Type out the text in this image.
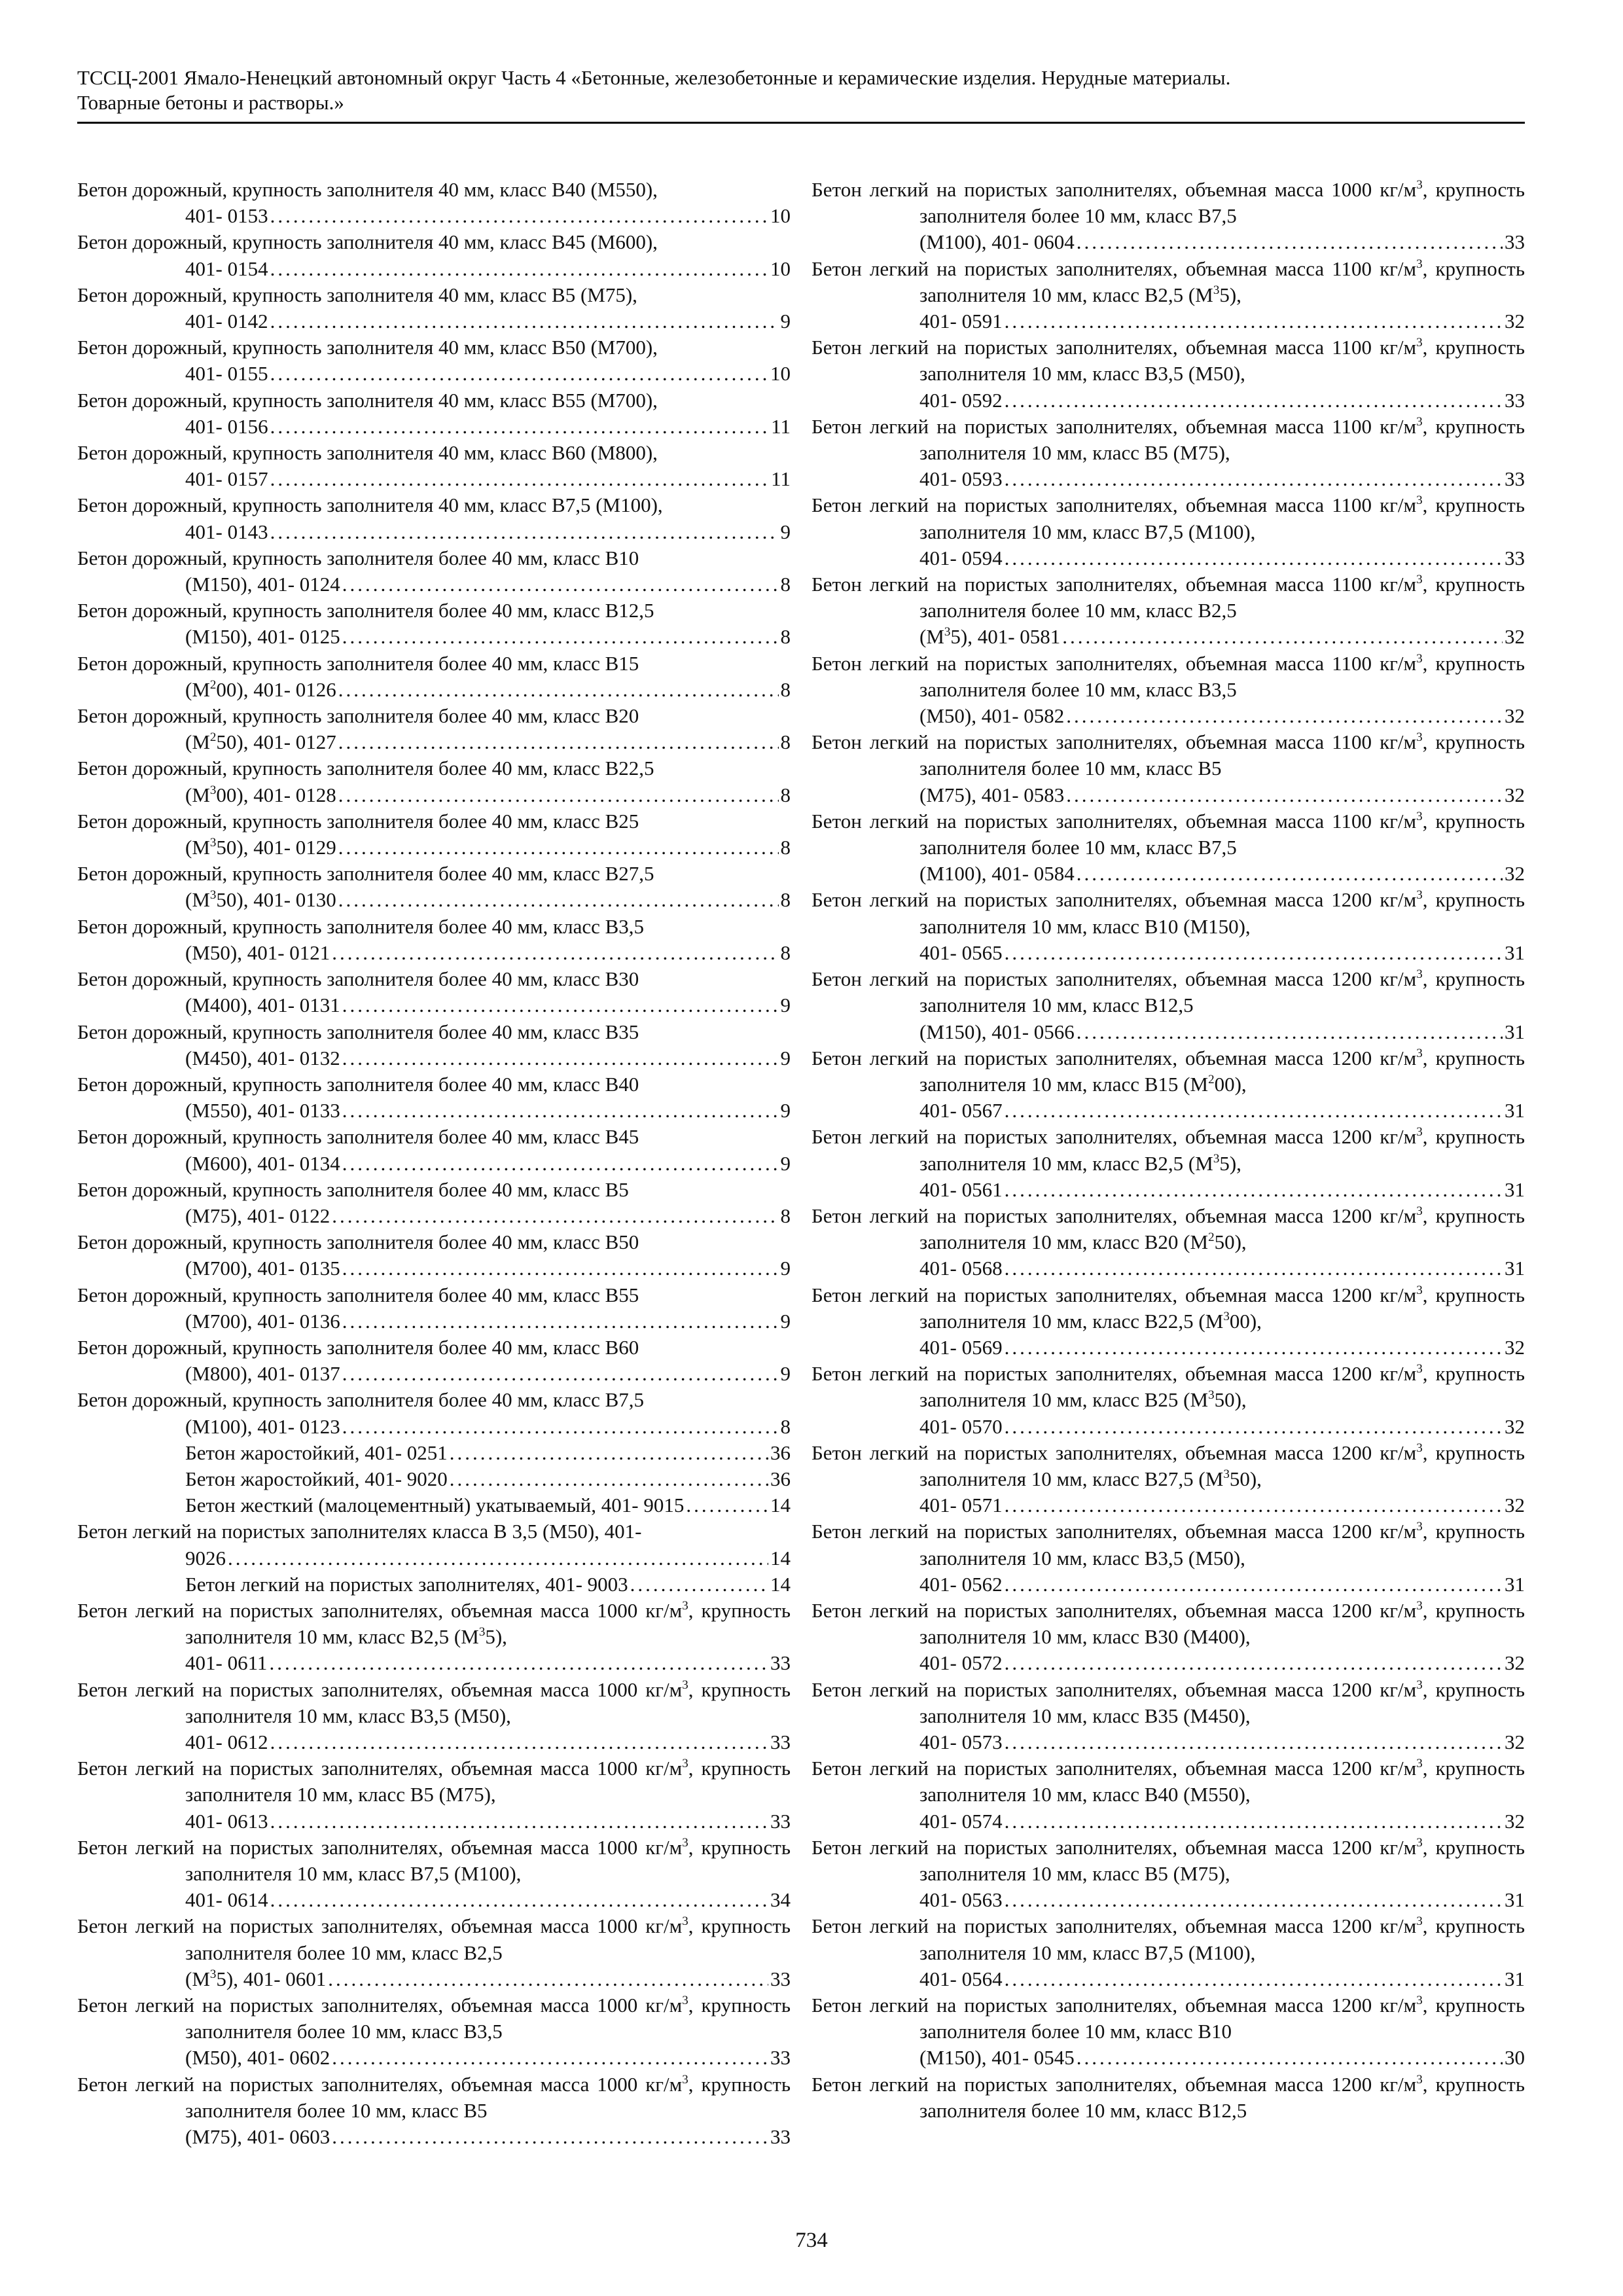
ТССЦ-2001 Ямало-Ненецкий автономный округ Часть 4 «Бетонные, железобетонные и керамические изделия. Нерудные материалы.
Товарные бетоны и растворы.»
Бетон дорожный, крупность заполнителя 40 мм, класс В40 (М550),
401- 0153 .....	10
Бетон дорожный, крупность заполнителя 40 мм, класс В45 (М600),
401- 0154 .....	10
Бетон дорожный, крупность заполнителя 40 мм, класс В5 (М75),
401- 0142 .....	9
Бетон дорожный, крупность заполнителя 40 мм, класс В50 (М700),
401- 0155 .....	10
Бетон дорожный, крупность заполнителя 40 мм, класс В55 (М700),
401- 0156 .....	11
Бетон дорожный, крупность заполнителя 40 мм, класс В60 (М800),
401- 0157 .....	11
Бетон дорожный, крупность заполнителя 40 мм, класс В7,5 (М100),
401- 0143 .....	9
Бетон дорожный, крупность заполнителя более 40 мм, класс В10
(М150), 401- 0124 .....	8
Бетон дорожный, крупность заполнителя более 40 мм, класс В12,5
(М150), 401- 0125 .....	8
Бетон дорожный, крупность заполнителя более 40 мм, класс В15
$(М^200)$, 401- 0126 .....	8
Бетон дорожный, крупность заполнителя более 40 мм, класс В20
$(М^250)$, 401- 0127 .....	8
Бетон дорожный, крупность заполнителя более 40 мм, класс В22,5
$(М^300)$, 401- 0128 .....	8
Бетон дорожный, крупность заполнителя более 40 мм, класс В25
$(М^350)$, 401- 0129 .....	8
Бетон дорожный, крупность заполнителя более 40 мм, класс В27,5
$(М^350)$, 401- 0130 .....	8
Бетон дорожный, крупность заполнителя более 40 мм, класс В3,5
(М50), 401- 0121 .....	8
Бетон дорожный, крупность заполнителя более 40 мм, класс В30
(М400), 401- 0131 .....	9
Бетон дорожный, крупность заполнителя более 40 мм, класс В35
(М450), 401- 0132 .....	9
Бетон дорожный, крупность заполнителя более 40 мм, класс В40
(М550), 401- 0133 .....	9
Бетон дорожный, крупность заполнителя более 40 мм, класс В45
(М600), 401- 0134 .....	9
Бетон дорожный, крупность заполнителя более 40 мм, класс В5
(М75), 401- 0122 .....	8
Бетон дорожный, крупность заполнителя более 40 мм, класс В50
(М700), 401- 0135 .....	9
Бетон дорожный, крупность заполнителя более 40 мм, класс В55
(М700), 401- 0136 .....	9
Бетон дорожный, крупность заполнителя более 40 мм, класс В60
(М800), 401- 0137 .....	9
Бетон дорожный, крупность заполнителя более 40 мм, класс В7,5
(М100), 401- 0123 .....	8
Бетон жаростойкий, 401- 0251 .....	36
Бетон жаростойкий, 401- 9020 .....	36
Бетон жесткий (малоцементный) укатываемый, 401- 9015 .....	14
Бетон легкий на пористых заполнителях класса В 3,5 (М50), 401-
9026 .....	14
Бетон легкий на пористых заполнителях, 401- 9003 .....	14
Бетон легкий на пористых заполнителях, объемная масса 1000 $кг/м^3$, крупность заполнителя 10 мм, класс В2,5 $(М^35)$,
401- 0611 .....	33
Бетон легкий на пористых заполнителях, объемная масса 1000 $кг/м^3$, крупность заполнителя 10 мм, класс В3,5 (М50),
401- 0612 .....	33
Бетон легкий на пористых заполнителях, объемная масса 1000 $кг/м^3$, крупность заполнителя 10 мм, класс В5 (М75),
401- 0613 .....	33
Бетон легкий на пористых заполнителях, объемная масса 1000 $кг/м^3$, крупность заполнителя 10 мм, класс В7,5 (М100),
401- 0614 .....	34
Бетон легкий на пористых заполнителях, объемная масса 1000 $кг/м^3$, крупность заполнителя более 10 мм, класс В2,5
$(М^35)$, 401- 0601 .....	33
Бетон легкий на пористых заполнителях, объемная масса 1000 $кг/м^3$, крупность заполнителя более 10 мм, класс В3,5
(М50), 401- 0602 .....	33
Бетон легкий на пористых заполнителях, объемная масса 1000 $кг/м^3$, крупность заполнителя более 10 мм, класс В5
(М75), 401- 0603 .....	33
Бетон легкий на пористых заполнителях, объемная масса 1000 $кг/м^3$, крупность заполнителя более 10 мм, класс В7,5
(М100), 401- 0604 .....	33
Бетон легкий на пористых заполнителях, объемная масса 1100 $кг/м^3$, крупность заполнителя 10 мм, класс В2,5 $(М^35)$,
401- 0591 .....	32
Бетон легкий на пористых заполнителях, объемная масса 1100 $кг/м^3$, крупность заполнителя 10 мм, класс В3,5 (М50),
401- 0592 .....	33
Бетон легкий на пористых заполнителях, объемная масса 1100 $кг/м^3$, крупность заполнителя 10 мм, класс В5 (М75),
401- 0593 .....	33
Бетон легкий на пористых заполнителях, объемная масса 1100 $кг/м^3$, крупность заполнителя 10 мм, класс В7,5 (М100),
401- 0594 .....	33
Бетон легкий на пористых заполнителях, объемная масса 1100 $кг/м^3$, крупность заполнителя более 10 мм, класс В2,5
$(М^35)$, 401- 0581 .....	32
Бетон легкий на пористых заполнителях, объемная масса 1100 $кг/м^3$, крупность заполнителя более 10 мм, класс В3,5
(М50), 401- 0582 .....	32
Бетон легкий на пористых заполнителях, объемная масса 1100 $кг/м^3$, крупность заполнителя более 10 мм, класс В5
(М75), 401- 0583 .....	32
Бетон легкий на пористых заполнителях, объемная масса 1100 $кг/м^3$, крупность заполнителя более 10 мм, класс В7,5
(М100), 401- 0584 .....	32
Бетон легкий на пористых заполнителях, объемная масса 1200 $кг/м^3$, крупность заполнителя 10 мм, класс В10 (М150),
401- 0565 .....	31
Бетон легкий на пористых заполнителях, объемная масса 1200 $кг/м^3$, крупность заполнителя 10 мм, класс В12,5
(М150), 401- 0566 .....	31
Бетон легкий на пористых заполнителях, объемная масса 1200 $кг/м^3$, крупность заполнителя 10 мм, класс В15 $(М^200)$,
401- 0567 .....	31
Бетон легкий на пористых заполнителях, объемная масса 1200 $кг/м^3$, крупность заполнителя 10 мм, класс В2,5 $(М^35)$,
401- 0561 .....	31
Бетон легкий на пористых заполнителях, объемная масса 1200 $кг/м^3$, крупность заполнителя 10 мм, класс В20 $(М^250)$,
401- 0568 .....	31
Бетон легкий на пористых заполнителях, объемная масса 1200 $кг/м^3$, крупность заполнителя 10 мм, класс В22,5 $(М^300)$,
401- 0569 .....	32
Бетон легкий на пористых заполнителях, объемная масса 1200 $кг/м^3$, крупность заполнителя 10 мм, класс В25 $(М^350)$,
401- 0570 .....	32
Бетон легкий на пористых заполнителях, объемная масса 1200 $кг/м^3$, крупность заполнителя 10 мм, класс В27,5 $(М^350)$,
401- 0571 .....	32
Бетон легкий на пористых заполнителях, объемная масса 1200 $кг/м^3$, крупность заполнителя 10 мм, класс В3,5 (М50),
401- 0562 .....	31
Бетон легкий на пористых заполнителях, объемная масса 1200 $кг/м^3$, крупность заполнителя 10 мм, класс В30 (М400),
401- 0572 .....	32
Бетон легкий на пористых заполнителях, объемная масса 1200 $кг/м^3$, крупность заполнителя 10 мм, класс В35 (М450),
401- 0573 .....	32
Бетон легкий на пористых заполнителях, объемная масса 1200 $кг/м^3$, крупность заполнителя 10 мм, класс В40 (М550),
401- 0574 .....	32
Бетон легкий на пористых заполнителях, объемная масса 1200 $кг/м^3$, крупность заполнителя 10 мм, класс В5 (М75),
401- 0563 .....	31
Бетон легкий на пористых заполнителях, объемная масса 1200 $кг/м^3$, крупность заполнителя 10 мм, класс В7,5 (М100),
401- 0564 .....	31
Бетон легкий на пористых заполнителях, объемная масса 1200 $кг/м^3$, крупность заполнителя более 10 мм, класс В10
(М150), 401- 0545 .....	30
Бетон легкий на пористых заполнителях, объемная масса 1200 $кг/м^3$, крупность заполнителя более 10 мм, класс В12,5
734
